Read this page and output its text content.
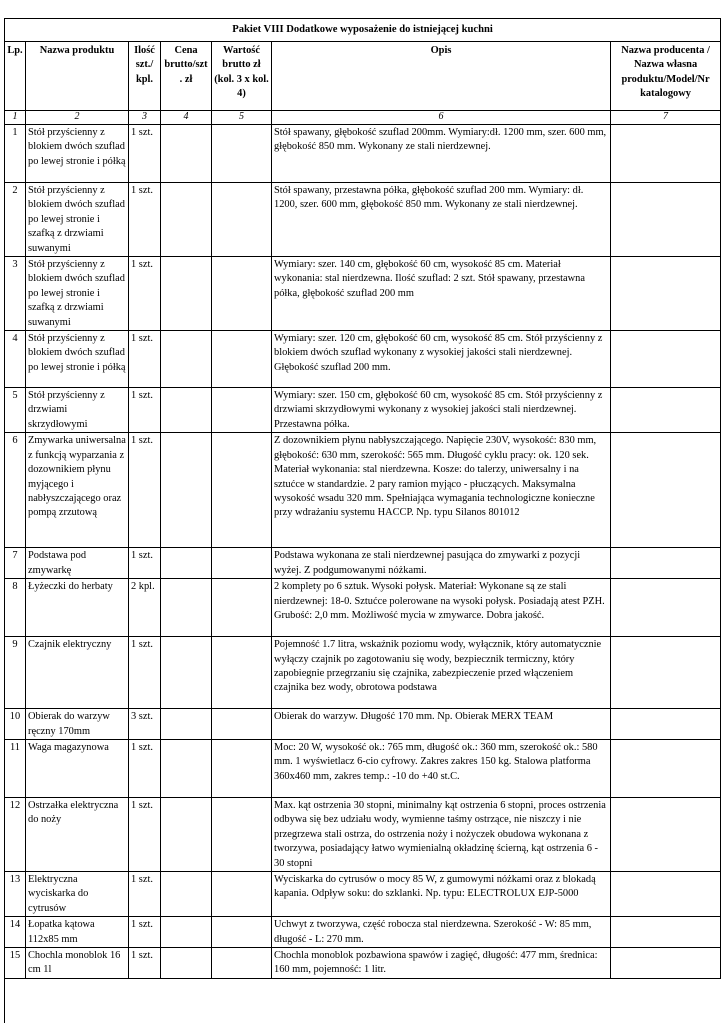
Pakiet VIII Dodatkowe wyposażenie do istniejącej kuchni						
Lp.	Nazwa produktu	Ilość szt./ kpl.	Cena brutto/szt . zł	Wartość brutto zł (kol. 3 x kol. 4)	Opis	Nazwa producenta / Nazwa własna produktu/Model/Nr katalogowy
1	2	3	4	5	6	7
1	Stół przyścienny z blokiem dwóch szuflad po lewej stronie i półką	1 szt.			Stół spawany, głębokość szuflad 200mm. Wymiary:dł. 1200 mm, szer. 600 mm, głębokość 850 mm. Wykonany ze stali nierdzewnej.	
2	Stół przyścienny z blokiem dwóch szuflad po lewej stronie i szafką z drzwiami suwanymi	1 szt.			Stół spawany, przestawna półka, głębokość szuflad 200 mm. Wymiary: dł. 1200, szer. 600 mm, głębokość 850 mm. Wykonany ze stali nierdzewnej.	
3	Stół przyścienny z blokiem dwóch szuflad po lewej stronie i szafką z drzwiami suwanymi	1 szt.			Wymiary: szer. 140 cm, głębokość 60 cm, wysokość 85 cm. Materiał wykonania: stal nierdzewna. Ilość szuflad: 2 szt. Stół spawany, przestawna półka, głębokość szuflad 200 mm	
4	Stół przyścienny z blokiem dwóch szuflad po lewej stronie i półką	1 szt.			Wymiary: szer. 120 cm, głębokość 60 cm, wysokość 85 cm. Stół przyścienny z blokiem dwóch szuflad wykonany z wysokiej jakości stali nierdzewnej. Głębokość szuflad 200 mm.	
5	Stół przyścienny z drzwiami skrzydłowymi	1 szt.			Wymiary: szer. 150 cm, głębokość 60 cm, wysokość 85 cm. Stół przyścienny z drzwiami skrzydłowymi wykonany z wysokiej jakości stali nierdzewnej. Przestawna półka.	
6	Zmywarka uniwersalna z funkcją wyparzania z dozownikiem płynu myjącego i nabłyszczającego oraz pompą zrzutową	1 szt.			Z dozownikiem płynu nabłyszczającego. Napięcie 230V, wysokość: 830 mm, głębokość: 630 mm, szerokość: 565 mm. Długość cyklu pracy: ok. 120 sek. Materiał wykonania: stal nierdzewna. Kosze: do talerzy, uniwersalny i na sztućce w standardzie. 2 pary ramion myjąco - płuczących. Maksymalna wysokość wsadu 320 mm. Spełniająca wymagania technologiczne konieczne przy wdrażaniu systemu HACCP. Np. typu Silanos 801012	
7	Podstawa pod zmywarkę	1 szt.			Podstawa wykonana ze stali nierdzewnej pasująca do zmywarki z pozycji wyżej. Z podgumowanymi nóżkami.	
8	Łyżeczki do herbaty	2 kpl.			2 komplety po 6 sztuk. Wysoki połysk. Materiał: Wykonane są ze stali nierdzewnej: 18-0. Sztućce polerowane na wysoki połysk. Posiadają atest PZH. Grubość: 2,0 mm. Możliwość mycia w zmywarce. Dobra jakość.	
9	Czajnik elektryczny	1 szt.			Pojemność 1.7 litra, wskaźnik poziomu wody, wyłącznik, który automatycznie wyłączy czajnik po zagotowaniu się wody, bezpiecznik termiczny, który zapobiegnie przegrzaniu się czajnika, zabezpieczenie przed włączeniem czajnika bez wody, obrotowa podstawa	
10	Obierak do warzyw ręczny 170mm	3 szt.			Obierak do warzyw. Długość 170 mm. Np. Obierak MERX TEAM	
11	Waga magazynowa	1 szt.			Moc: 20 W, wysokość ok.: 765 mm, długość ok.: 360 mm, szerokość ok.: 580 mm. 1 wyświetlacz 6-cio cyfrowy. Zakres zakres 150 kg. Stalowa platforma 360x460 mm, zakres temp.: -10 do +40 st.C.	
12	Ostrzałka elektryczna do noży	1 szt.			Max. kąt ostrzenia 30 stopni, minimalny kąt ostrzenia 6 stopni, proces ostrzenia odbywa się bez udziału wody, wymienne taśmy ostrzące, nie niszczy i nie przegrzewa stali ostrza, do ostrzenia noży i nożyczek obudowa wykonana z tworzywa, posiadający łatwo wymienialną okładzinę ścierną, kąt ostrzenia 6 - 30 stopni	
13	Elektryczna wyciskarka do cytrusów	1 szt.			Wyciskarka do cytrusów o mocy 85 W, z gumowymi nóżkami oraz z blokadą kapania. Odpływ soku: do szklanki. Np. typu: ELECTROLUX EJP-5000	
14	Łopatka kątowa 112x85 mm	1 szt.			Uchwyt z tworzywa, część robocza stal nierdzewna. Szerokość - W: 85 mm, długość - L: 270 mm.	
15	Chochla monoblok 16 cm 1l	1 szt.			Chochla monoblok pozbawiona spawów i zagięć, długość: 477 mm, średnica: 160 mm, pojemność: 1 litr.	
